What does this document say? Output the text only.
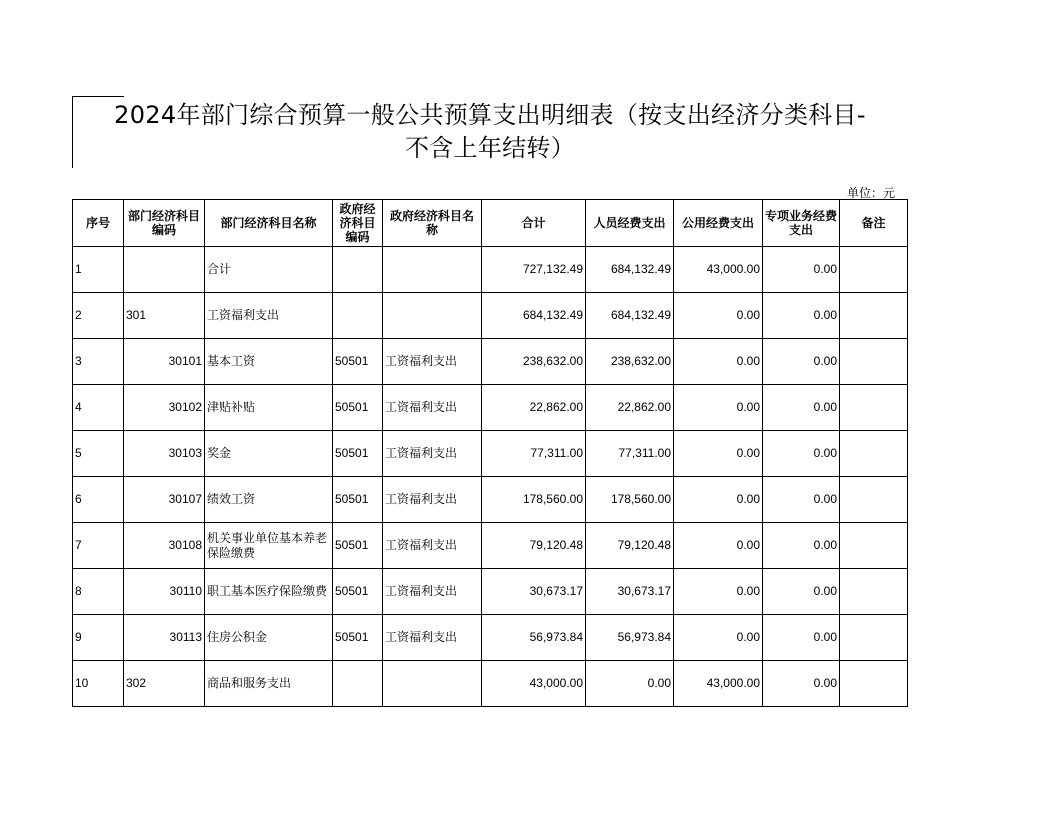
2024年部门综合预算一般公共预算支出明细表（按支出经济分类科目-
不含上年结转）
单位：元
序号	部门经济科目编码	部门经济科目名称	政府经济科目编码	政府经济科目名称	合计	人员经费支出	公用经费支出	专项业务经费支出	备注
1		合计			727,132.49	684,132.49	43,000.00	0.00	
2	301	工资福利支出			684,132.49	684,132.49	0.00	0.00	
3	30101	基本工资	50501	工资福利支出	238,632.00	238,632.00	0.00	0.00	
4	30102	津贴补贴	50501	工资福利支出	22,862.00	22,862.00	0.00	0.00	
5	30103	奖金	50501	工资福利支出	77,311.00	77,311.00	0.00	0.00	
6	30107	绩效工资	50501	工资福利支出	178,560.00	178,560.00	0.00	0.00	
7	30108	机关事业单位基本养老保险缴费	50501	工资福利支出	79,120.48	79,120.48	0.00	0.00	
8	30110	职工基本医疗保险缴费	50501	工资福利支出	30,673.17	30,673.17	0.00	0.00	
9	30113	住房公积金	50501	工资福利支出	56,973.84	56,973.84	0.00	0.00	
10	302	商品和服务支出			43,000.00	0.00	43,000.00	0.00	
